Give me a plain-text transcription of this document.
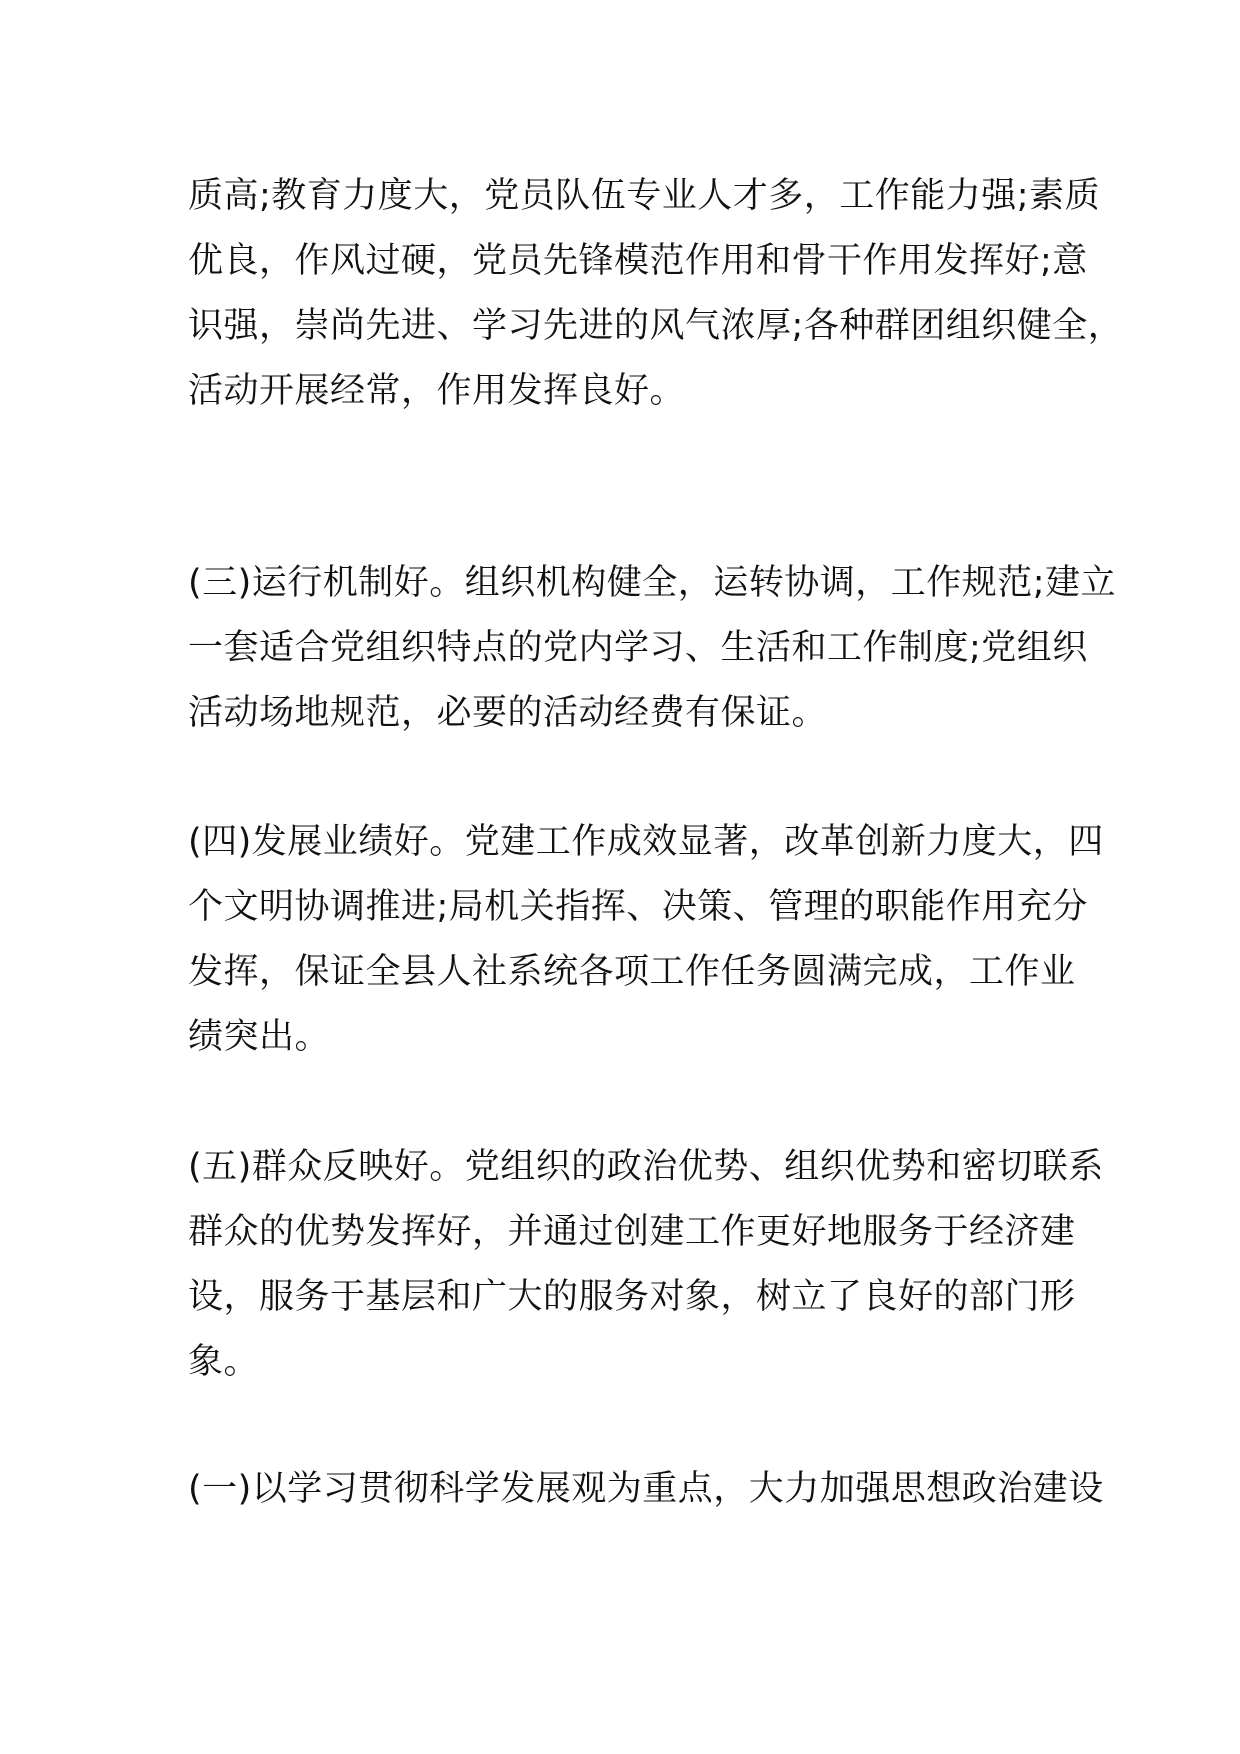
质高;教育力度大，党员队伍专业人才多，工作能力强;素质
优良，作风过硬，党员先锋模范作用和骨干作用发挥好;意
识强，崇尚先进、学习先进的风气浓厚;各种群团组织健全，
活动开展经常，作用发挥良好。

(三)运行机制好。组织机构健全，运转协调，工作规范;建立
一套适合党组织特点的党内学习、生活和工作制度;党组织
活动场地规范，必要的活动经费有保证。

(四)发展业绩好。党建工作成效显著，改革创新力度大，四
个文明协调推进;局机关指挥、决策、管理的职能作用充分
发挥，保证全县人社系统各项工作任务圆满完成，工作业
绩突出。

(五)群众反映好。党组织的政治优势、组织优势和密切联系
群众的优势发挥好，并通过创建工作更好地服务于经济建
设，服务于基层和广大的服务对象，树立了良好的部门形
象。

(一)以学习贯彻科学发展观为重点，大力加强思想政治建设
